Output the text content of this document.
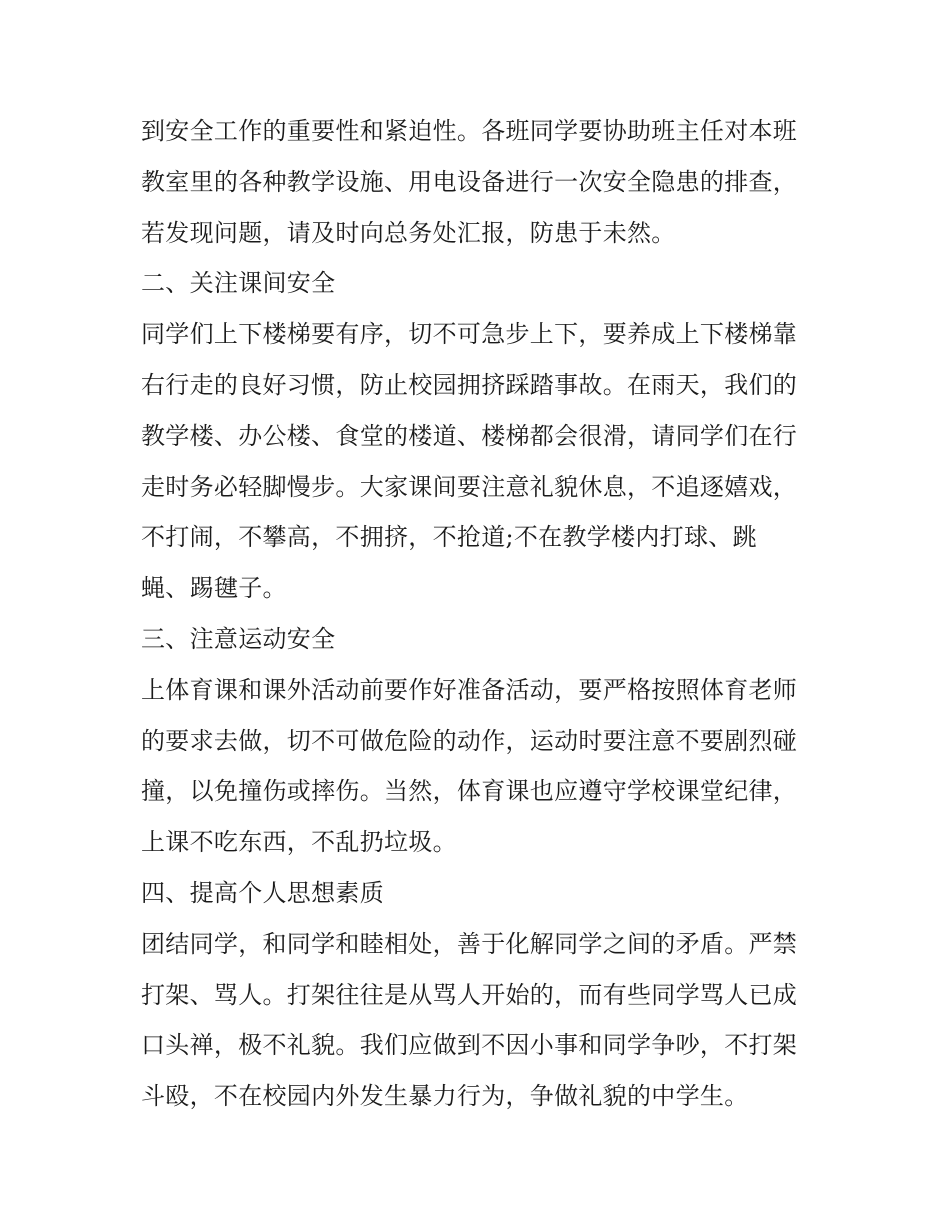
到安全工作的重要性和紧迫性。各班同学要协助班主任对本班
教室里的各种教学设施、用电设备进行一次安全隐患的排查，
若发现问题，请及时向总务处汇报，防患于未然。
二、关注课间安全
同学们上下楼梯要有序，切不可急步上下，要养成上下楼梯靠
右行走的良好习惯，防止校园拥挤踩踏事故。在雨天，我们的
教学楼、办公楼、食堂的楼道、楼梯都会很滑，请同学们在行
走时务必轻脚慢步。大家课间要注意礼貌休息，不追逐嬉戏，
不打闹，不攀高，不拥挤，不抢道;不在教学楼内打球、跳
蝇、踢毽子。
三、注意运动安全
上体育课和课外活动前要作好准备活动，要严格按照体育老师
的要求去做，切不可做危险的动作，运动时要注意不要剧烈碰
撞，以免撞伤或摔伤。当然，体育课也应遵守学校课堂纪律，
上课不吃东西，不乱扔垃圾。
四、提高个人思想素质
团结同学，和同学和睦相处，善于化解同学之间的矛盾。严禁
打架、骂人。打架往往是从骂人开始的，而有些同学骂人已成
口头禅，极不礼貌。我们应做到不因小事和同学争吵，不打架
斗殴，不在校园内外发生暴力行为，争做礼貌的中学生。
